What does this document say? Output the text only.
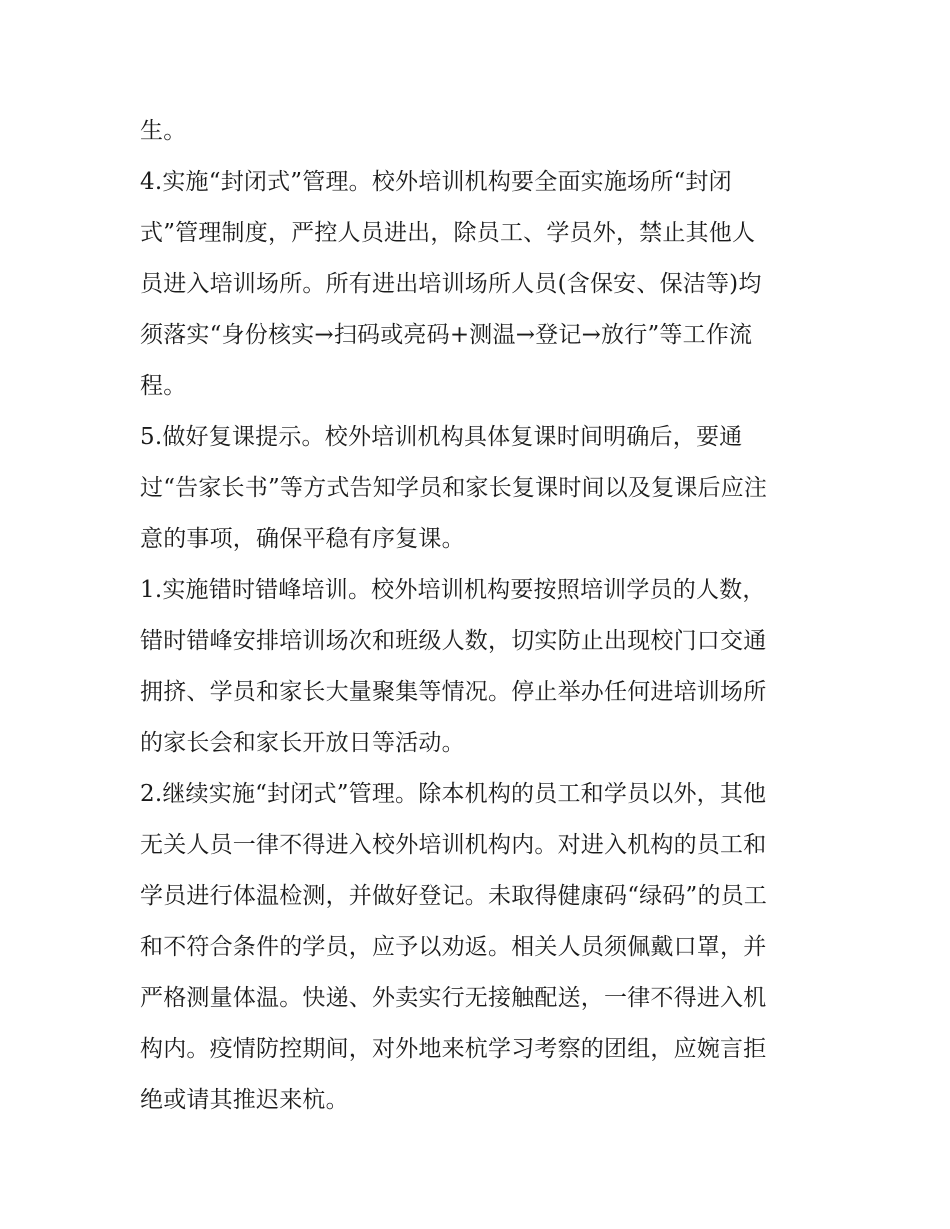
生。
4.实施“封闭式”管理。校外培训机构要全面实施场所“封闭
式”管理制度，严控人员进出，除员工、学员外，禁止其他人
员进入培训场所。所有进出培训场所人员(含保安、保洁等)均
须落实“身份核实→扫码或亮码+测温→登记→放行”等工作流
程。
5.做好复课提示。校外培训机构具体复课时间明确后，要通
过“告家长书”等方式告知学员和家长复课时间以及复课后应注
意的事项，确保平稳有序复课。
1.实施错时错峰培训。校外培训机构要按照培训学员的人数，
错时错峰安排培训场次和班级人数，切实防止出现校门口交通
拥挤、学员和家长大量聚集等情况。停止举办任何进培训场所
的家长会和家长开放日等活动。
2.继续实施“封闭式”管理。除本机构的员工和学员以外，其他
无关人员一律不得进入校外培训机构内。对进入机构的员工和
学员进行体温检测，并做好登记。未取得健康码“绿码”的员工
和不符合条件的学员，应予以劝返。相关人员须佩戴口罩，并
严格测量体温。快递、外卖实行无接触配送，一律不得进入机
构内。疫情防控期间，对外地来杭学习考察的团组，应婉言拒
绝或请其推迟来杭。
